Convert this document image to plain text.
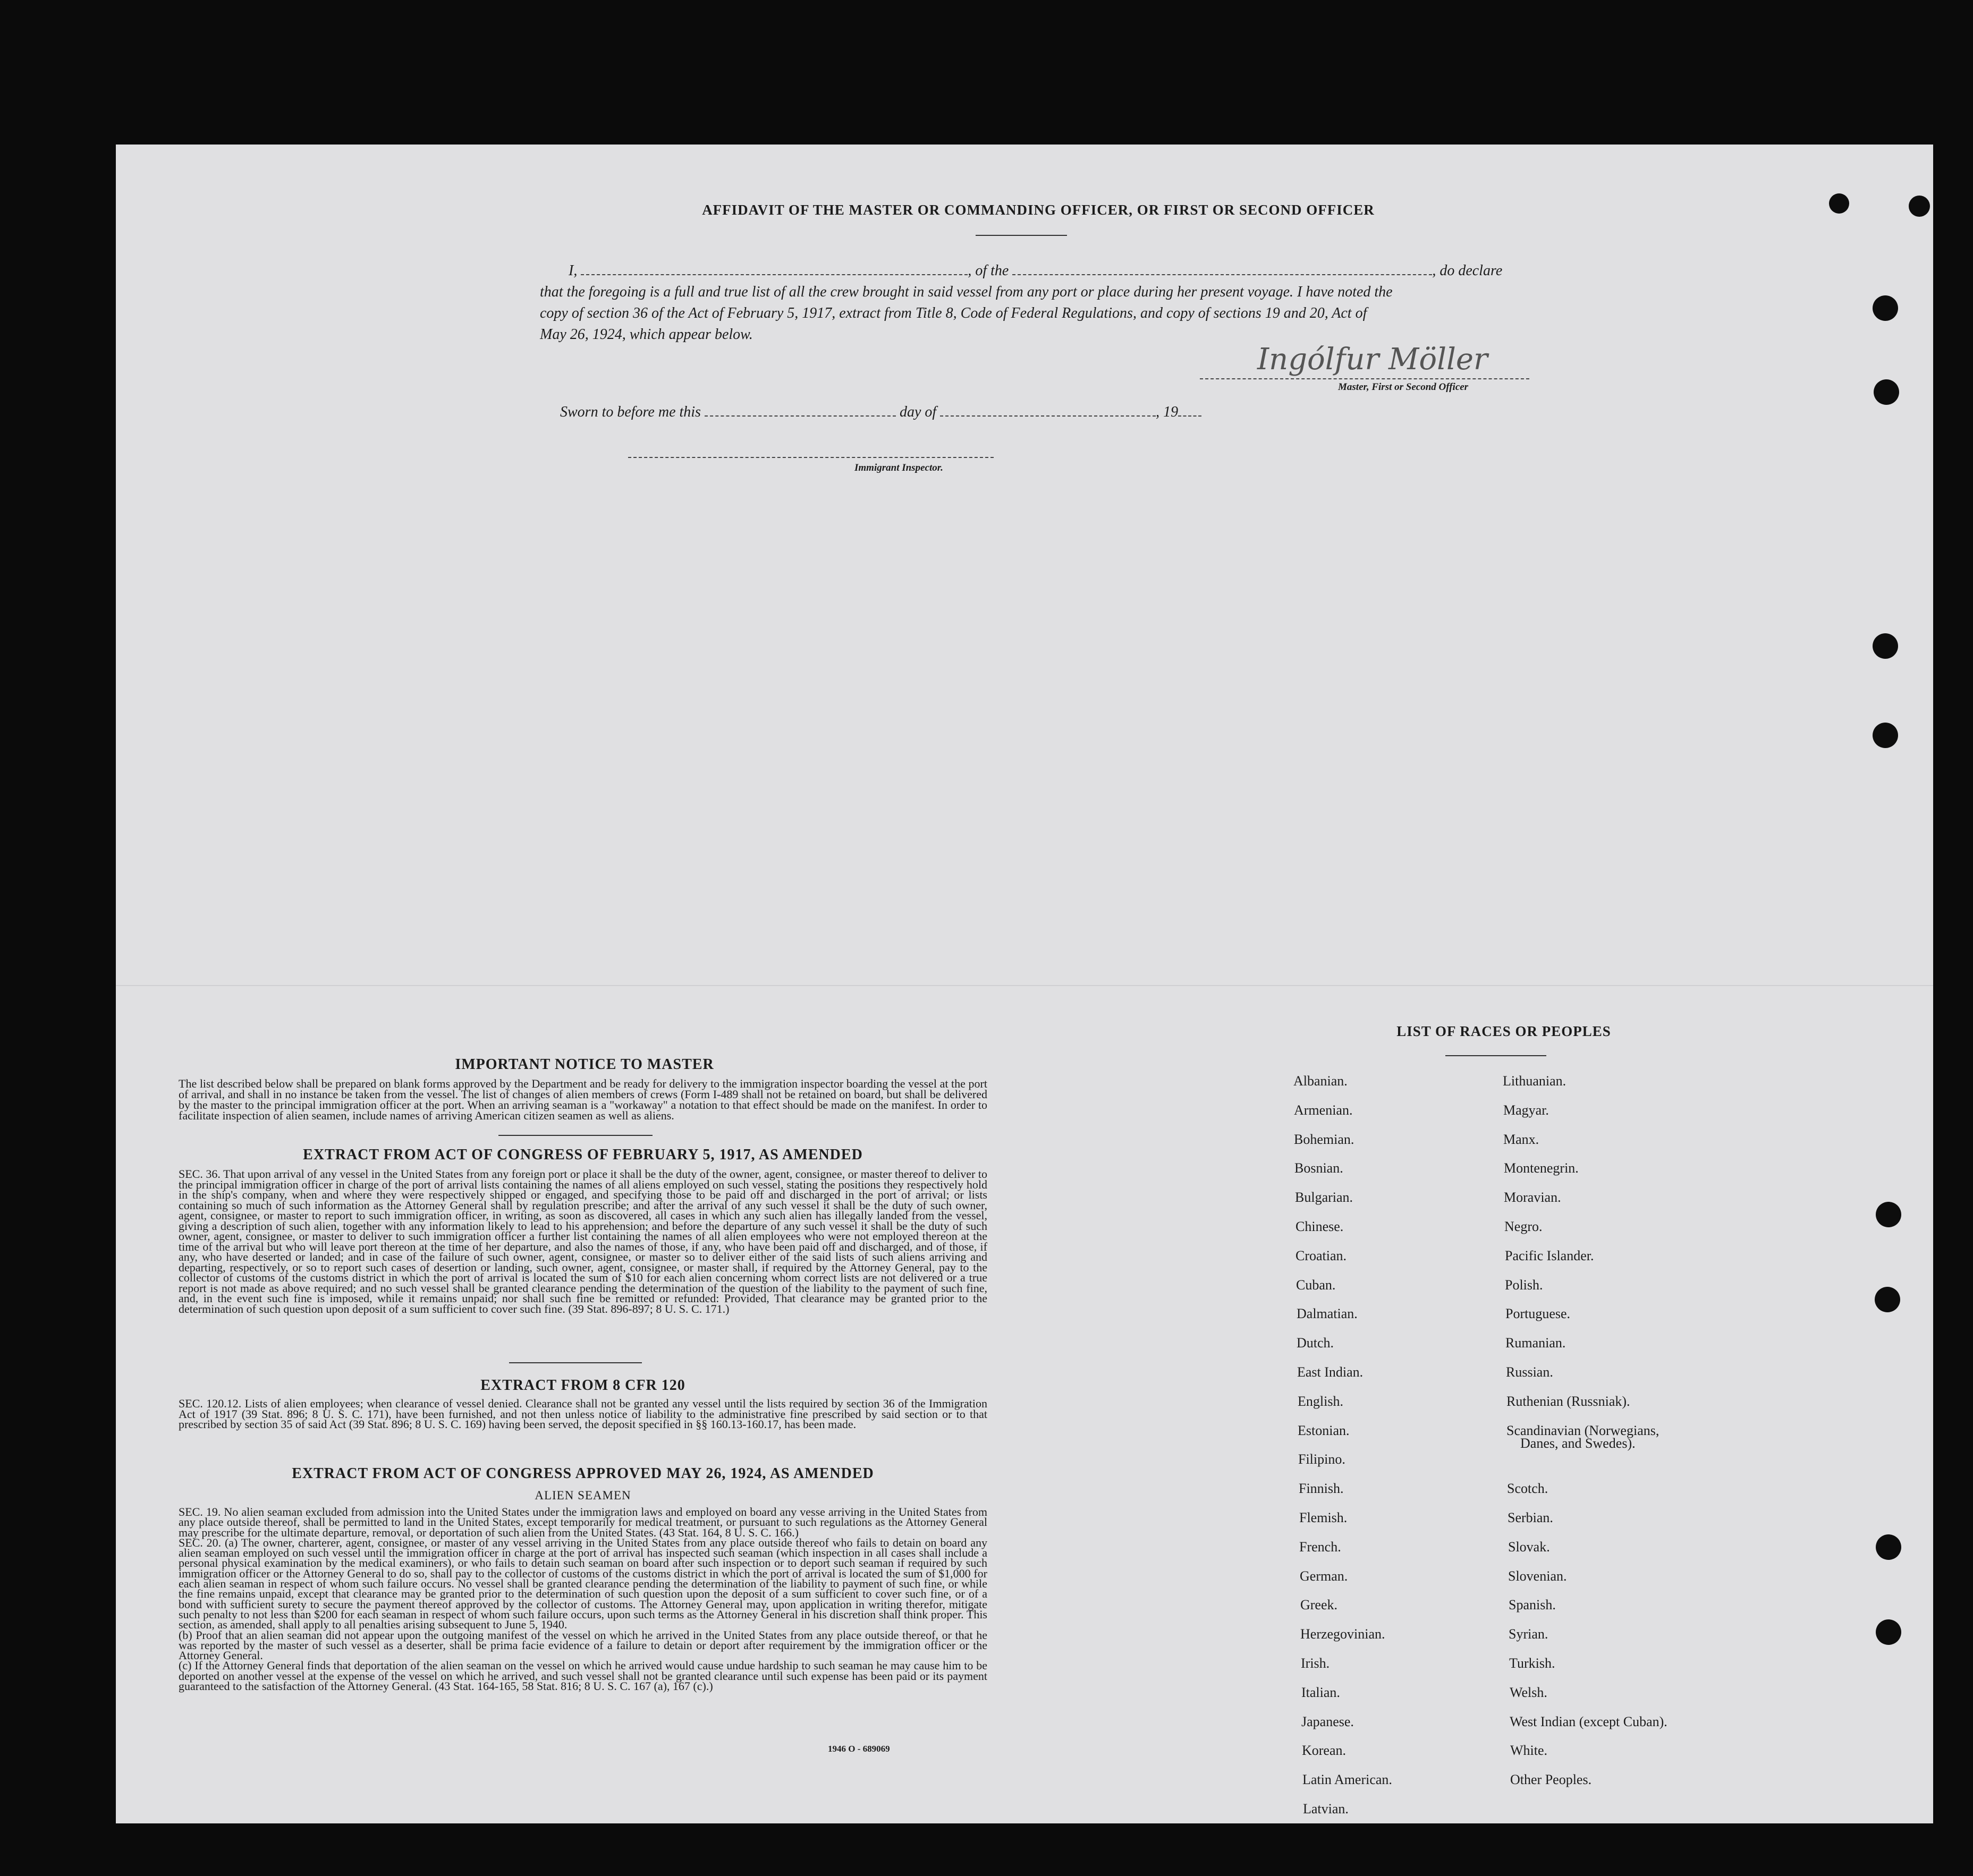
AFFIDAVIT OF THE MASTER OR COMMANDING OFFICER, OR FIRST OR SECOND OFFICER
I,	, of the	, do declare
that the foregoing is a full and true list of all the crew brought in said vessel from any port or place during her present voyage. I have noted the
copy of section 36 of the Act of February 5, 1917, extract from Title 8, Code of Federal Regulations, and copy of sections 19 and 20, Act of
May 26, 1924, which appear below.
Ingólfur Möller
Master, First or Second Officer
Sworn to before me this	day of	, 19
Immigrant Inspector.
IMPORTANT NOTICE TO MASTER
The list described below shall be prepared on blank forms approved by the Department and be ready for delivery to the immigration inspector boarding the vessel at the port of arrival, and shall in no instance be taken from the vessel. The list of changes of alien members of crews (Form I-489 shall not be retained on board, but shall be delivered by the master to the principal immigration officer at the port. When an arriving seaman is a "workaway" a notation to that effect should be made on the manifest. In order to facilitate inspection of alien seamen, include names of arriving American citizen seamen as well as aliens.
EXTRACT FROM ACT OF CONGRESS OF FEBRUARY 5, 1917, AS AMENDED
SEC. 36. That upon arrival of any vessel in the United States from any foreign port or place it shall be the duty of the owner, agent, consignee, or master thereof to deliver to the principal immigration officer in charge of the port of arrival lists containing the names of all aliens employed on such vessel, stating the positions they respectively hold in the ship's company, when and where they were respectively shipped or engaged, and specifying those to be paid off and discharged in the port of arrival; or lists containing so much of such information as the Attorney General shall by regulation prescribe; and after the arrival of any such vessel it shall be the duty of such owner, agent, consignee, or master to report to such immigration officer, in writing, as soon as discovered, all cases in which any such alien has illegally landed from the vessel, giving a description of such alien, together with any information likely to lead to his apprehension; and before the departure of any such vessel it shall be the duty of such owner, agent, consignee, or master to deliver to such immigration officer a further list containing the names of all alien employees who were not employed thereon at the time of the arrival but who will leave port thereon at the time of her departure, and also the names of those, if any, who have been paid off and discharged, and of those, if any, who have deserted or landed; and in case of the failure of such owner, agent, consignee, or master so to deliver either of the said lists of such aliens arriving and departing, respectively, or so to report such cases of desertion or landing, such owner, agent, consignee, or master shall, if required by the Attorney General, pay to the collector of customs of the customs district in which the port of arrival is located the sum of $10 for each alien concerning whom correct lists are not delivered or a true report is not made as above required; and no such vessel shall be granted clearance pending the determination of the question of the liability to the payment of such fine, and, in the event such fine is imposed, while it remains unpaid; nor shall such fine be remitted or refunded: Provided, That clearance may be granted prior to the determination of such question upon deposit of a sum sufficient to cover such fine. (39 Stat. 896-897; 8 U. S. C. 171.)
EXTRACT FROM 8 CFR 120
SEC. 120.12. Lists of alien employees; when clearance of vessel denied. Clearance shall not be granted any vessel until the lists required by section 36 of the Immigration Act of 1917 (39 Stat. 896; 8 U. S. C. 171), have been furnished, and not then unless notice of liability to the administrative fine prescribed by said section or to that prescribed by section 35 of said Act (39 Stat. 896; 8 U. S. C. 169) having been served, the deposit specified in §§ 160.13-160.17, has been made.
EXTRACT FROM ACT OF CONGRESS APPROVED MAY 26, 1924, AS AMENDED
ALIEN SEAMEN
SEC. 19. No alien seaman excluded from admission into the United States under the immigration laws and employed on board any vesse arriving in the United States from any place outside thereof, shall be permitted to land in the United States, except temporarily for medical treatment, or pursuant to such regulations as the Attorney General may prescribe for the ultimate departure, removal, or deportation of such alien from the United States. (43 Stat. 164, 8 U. S. C. 166.)
SEC. 20. (a) The owner, charterer, agent, consignee, or master of any vessel arriving in the United States from any place outside thereof who fails to detain on board any alien seaman employed on such vessel until the immigration officer in charge at the port of arrival has inspected such seaman (which inspection in all cases shall include a personal physical examination by the medical examiners), or who fails to detain such seaman on board after such inspection or to deport such seaman if required by such immigration officer or the Attorney General to do so, shall pay to the collector of customs of the customs district in which the port of arrival is located the sum of $1,000 for each alien seaman in respect of whom such failure occurs. No vessel shall be granted clearance pending the determination of the liability to payment of such fine, or while the fine remains unpaid, except that clearance may be granted prior to the determination of such question upon the deposit of a sum sufficient to cover such fine, or of a bond with sufficient surety to secure the payment thereof approved by the collector of customs. The Attorney General may, upon application in writing therefor, mitigate such penalty to not less than $200 for each seaman in respect of whom such failure occurs, upon such terms as the Attorney General in his discretion shall think proper. This section, as amended, shall apply to all penalties arising subsequent to June 5, 1940.
(b) Proof that an alien seaman did not appear upon the outgoing manifest of the vessel on which he arrived in the United States from any place outside thereof, or that he was reported by the master of such vessel as a deserter, shall be prima facie evidence of a failure to detain or deport after requirement by the immigration officer or the Attorney General.
(c) If the Attorney General finds that deportation of the alien seaman on the vessel on which he arrived would cause undue hardship to such seaman he may cause him to be deported on another vessel at the expense of the vessel on which he arrived, and such vessel shall not be granted clearance until such expense has been paid or its payment guaranteed to the satisfaction of the Attorney General. (43 Stat. 164-165, 58 Stat. 816; 8 U. S. C. 167 (a), 167 (c).)
1946 O - 689069
LIST OF RACES OR PEOPLES
Albanian.
Armenian.
Bohemian.
Bosnian.
Bulgarian.
Chinese.
Croatian.
Cuban.
Dalmatian.
Dutch.
East Indian.
English.
Estonian.
Filipino.
Finnish.
Flemish.
French.
German.
Greek.
Herzegovinian.
Irish.
Italian.
Japanese.
Korean.
Latin American.
Latvian.
Lithuanian.
Magyar.
Manx.
Montenegrin.
Moravian.
Negro.
Pacific Islander.
Polish.
Portuguese.
Rumanian.
Russian.
Ruthenian (Russniak).
Scandinavian (Norwegians,
Danes, and Swedes).
Scotch.
Serbian.
Slovak.
Slovenian.
Spanish.
Syrian.
Turkish.
Welsh.
West Indian (except Cuban).
White.
Other Peoples.
